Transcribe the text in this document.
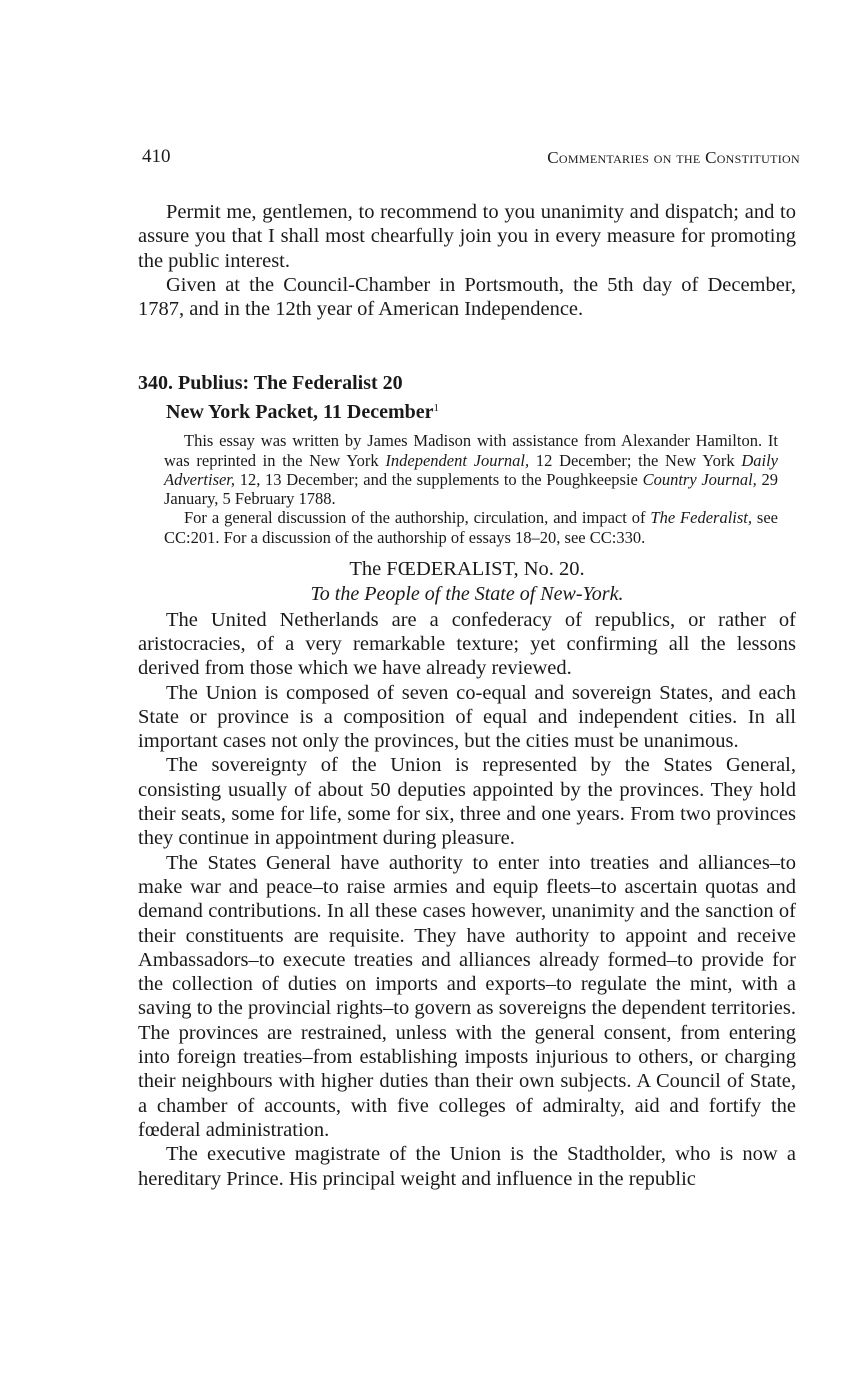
410	Commentaries on the Constitution

Permit me, gentlemen, to recommend to you unanimity and dispatch; and to assure you that I shall most chearfully join you in every measure for promoting the public interest.

Given at the Council-Chamber in Portsmouth, the 5th day of December, 1787, and in the 12th year of American Independence.

340. Publius: The Federalist 20
New York Packet, 11 December$^1$

This essay was written by James Madison with assistance from Alexander Hamilton. It was reprinted in the New York Independent Journal, 12 December; the New York Daily Advertiser, 12, 13 December; and the supplements to the Poughkeepsie Country Journal, 29 January, 5 February 1788.

For a general discussion of the authorship, circulation, and impact of The Federalist, see CC:201. For a discussion of the authorship of essays 18–20, see CC:330.

The FŒDERALIST, No. 20.
To the People of the State of New-York.

The United Netherlands are a confederacy of republics, or rather of aristocracies, of a very remarkable texture; yet confirming all the lessons derived from those which we have already reviewed.

The Union is composed of seven co-equal and sovereign States, and each State or province is a composition of equal and independent cities. In all important cases not only the provinces, but the cities must be unanimous.

The sovereignty of the Union is represented by the States General, consisting usually of about 50 deputies appointed by the provinces. They hold their seats, some for life, some for six, three and one years. From two provinces they continue in appointment during pleasure.

The States General have authority to enter into treaties and alliances–to make war and peace–to raise armies and equip fleets–to ascertain quotas and demand contributions. In all these cases however, unanimity and the sanction of their constituents are requisite. They have authority to appoint and receive Ambassadors–to execute treaties and alliances already formed–to provide for the collection of duties on imports and exports–to regulate the mint, with a saving to the provincial rights–to govern as sovereigns the dependent territories. The provinces are restrained, unless with the general consent, from entering into foreign treaties–from establishing imposts injurious to others, or charging their neighbours with higher duties than their own subjects. A Council of State, a chamber of accounts, with five colleges of admiralty, aid and fortify the fœderal administration.

The executive magistrate of the Union is the Stadtholder, who is now a hereditary Prince. His principal weight and influence in the republic
